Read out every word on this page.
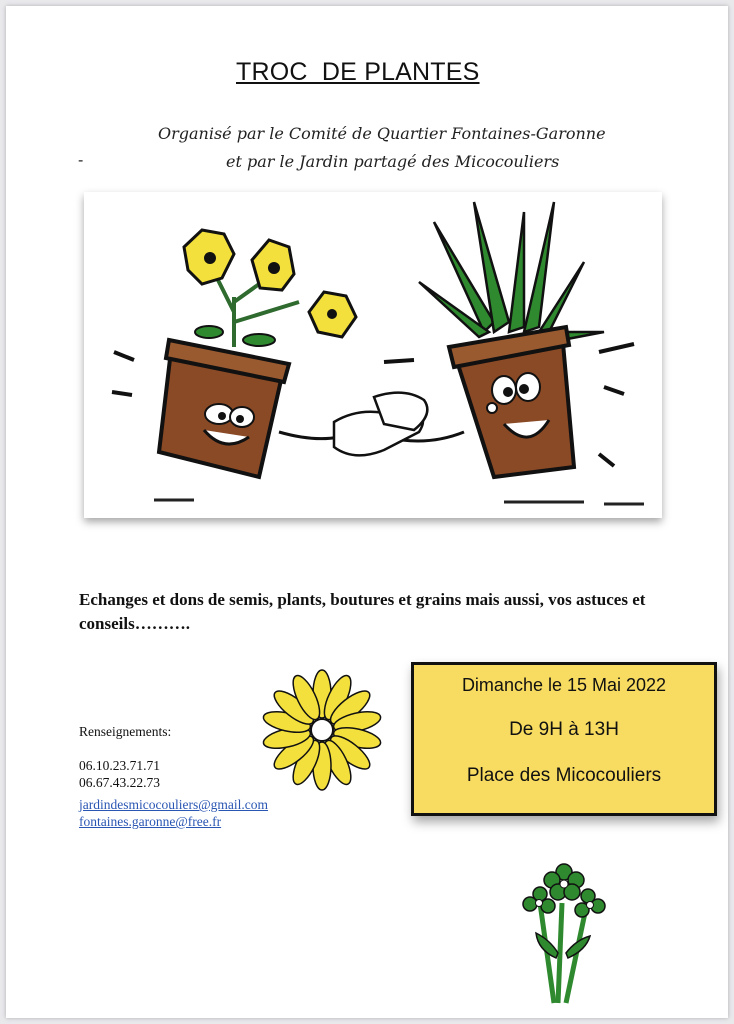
TROC  DE PLANTES
Organisé par le Comité de Quartier Fontaines-Garonne
-	et par le Jardin partagé des Micocouliers
Echanges et dons de semis, plants, boutures et grains mais aussi, vos astuces et conseils……….
Renseignements:
06.10.23.71.71
06.67.43.22.73
jardindesmicocouliers@gmail.com
fontaines.garonne@free.fr
Dimanche le 15 Mai 2022
De 9H à 13H
Place des Micocouliers
